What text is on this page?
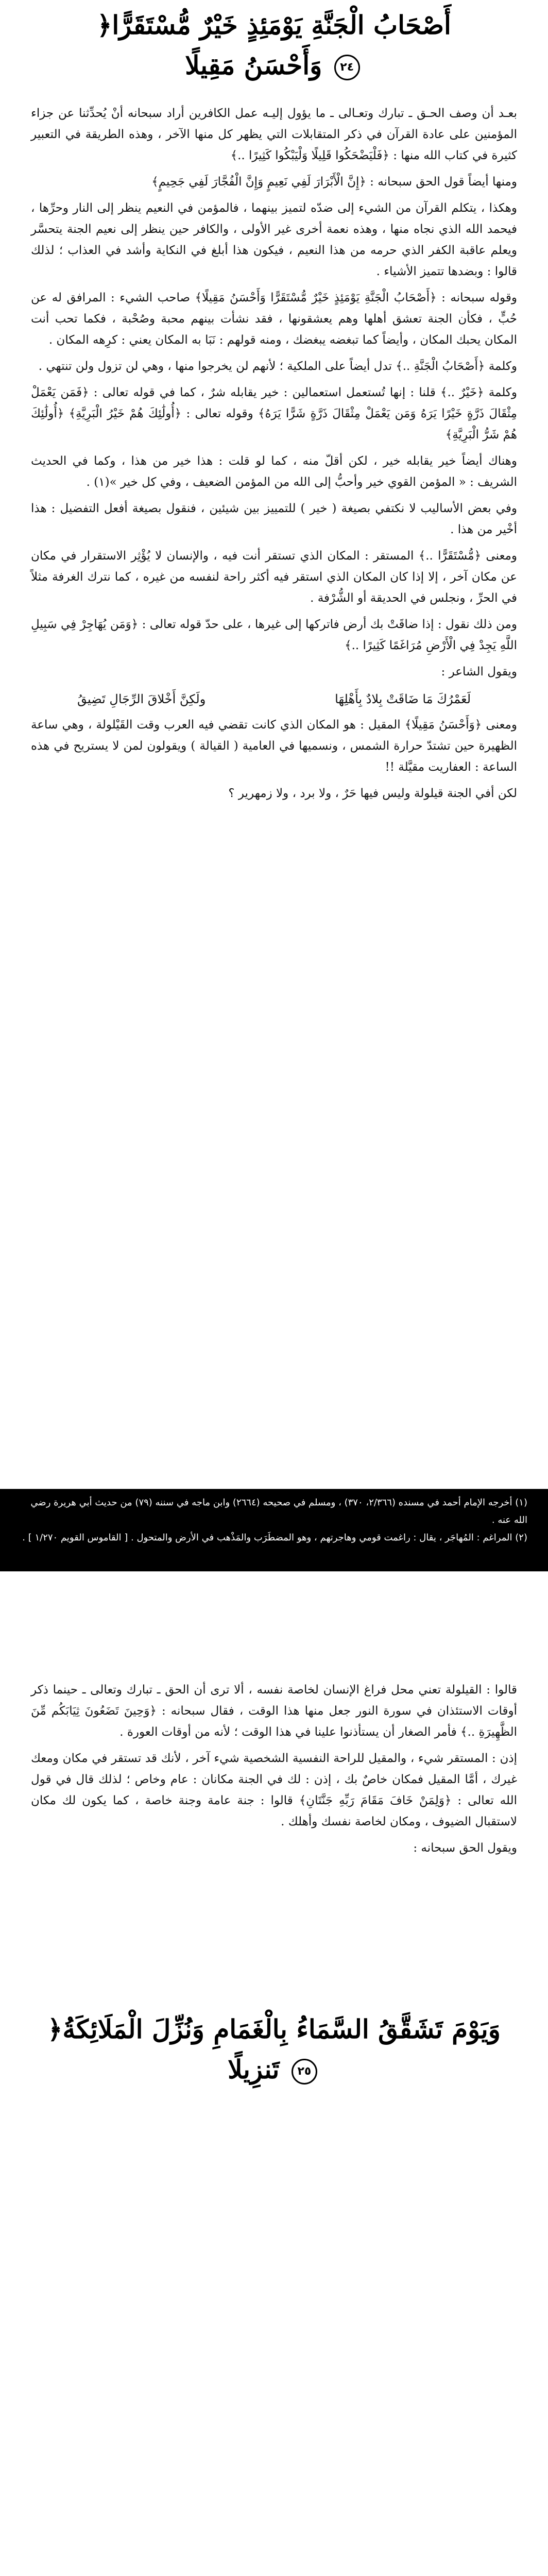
﴿أَصْحَابُ الْجَنَّةِ يَوْمَئِذٍ خَيْرٌ مُّسْتَقَرًّا
وَأَحْسَنُ مَقِيلًا ٢٤

بعـد أن وصف الحـق ـ تبارك وتعـالى ـ ما يؤول إليـه عمل الكافرين أراد سبحانه أنْ يُحدِّثنا عن جزاء المؤمنين على عادة القرآن في ذكر المتقابلات التي يظهر كل منها الآخر ، وهذه الطريقة في التعبير كثيرة في كتاب الله منها : ﴿فَلْيَضْحَكُوا قَلِيلًا وَلْيَبْكُوا كَثِيرًا ..﴾

ومنها أيضاً قول الحق سبحانه : ﴿إِنَّ الْأَبْرَارَ لَفِي نَعِيمٍ وَإِنَّ الْفُجَّارَ لَفِي جَحِيمٍ﴾

وهكذا ، يتكلم القرآن من الشيء إلى ضدّه لتميز بينهما ، فالمؤمن في النعيم ينظر إلى النار وحرِّها ، فيحمد الله الذي نجاه منها ، وهذه نعمة أخرى غير الأولى ، والكافر حين ينظر إلى نعيم الجنة يتحسَّر ويعلم عاقبة الكفر الذي حرمه من هذا النعيم ، فيكون هذا أبلغ في النكاية وأشد في العذاب ؛ لذلك قالوا : وبضدها تتميز الأشياء .

وقوله سبحانه : ﴿أَصْحَابُ الْجَنَّةِ يَوْمَئِذٍ خَيْرٌ مُّسْتَقَرًّا وَأَحْسَنُ مَقِيلًا﴾ صاحب الشيء : المرافق له عن حُبٍّ ، فكأن الجنة تعشق أهلها وهم يعشقونها ، فقد نشأت بينهم محبة وصُحْبة ، فكما تحب أنت المكان يحبك المكان ، وأيضاً كما تبغضه يبغضك ، ومنه قولهم : نَبَا به المكان يعني : كرِهه المكان .

وكلمة ﴿أَصْحَابُ الْجَنَّةِ ..﴾ تدل أيضاً على الملكية ؛ لأنهم لن يخرجوا منها ، وهي لن تزول ولن تنتهي .

وكلمة ﴿خَيْرٌ ..﴾ قلنا : إنها تُستعمل استعمالين : خير يقابله شرٌ ، كما في قوله تعالى : ﴿فَمَن يَعْمَلْ مِثْقَالَ ذَرَّةٍ خَيْرًا يَرَهُ وَمَن يَعْمَلْ مِثْقَالَ ذَرَّةٍ شَرًّا يَرَهُ﴾ وقوله تعالى : ﴿أُولَٰئِكَ هُمْ خَيْرُ الْبَرِيَّةِ﴾ ﴿أُولَٰئِكَ هُمْ شَرُّ الْبَرِيَّةِ﴾

وهناك أيضاً خير يقابله خير ، لكن أقلّ منه ، كما لو قلت : هذا خير من هذا ، وكما في الحديث الشريف : « المؤمن القوي خير وأحبُّ إلى الله من المؤمن الضعيف ، وفي كل خير »(١) .

وفي بعض الأساليب لا نكتفي بصيغة ( خير ) للتمييز بين شيئين ، فنقول بصيغة أفعل التفضيل : هذا أخْير من هذا .

ومعنى ﴿مُّسْتَقَرًّا ..﴾ المستقر : المكان الذي تستقر أنت فيه ، والإنسان لا يُؤْثِر الاستقرار في مكان عن مكان آخر ، إلا إذا كان المكان الذي استقر فيه أكثر راحة لنفسه من غيره ، كما نترك الغرفة مثلاً في الحرِّ ، ونجلس في الحديقة أو الشُّرْفة .

ومن ذلك نقول : إذا ضاقَتْ بك أرض فاتركها إلى غيرها ، على حدّ قوله تعالى : ﴿وَمَن يُهَاجِرْ فِي سَبِيلِ اللَّهِ يَجِدْ فِي الْأَرْضِ مُرَاغَمًا كَثِيرًا ..﴾

ويقول الشاعر :

لَعَمْرُكَ مَا ضَاقَتْ بِلادٌ بِأَهْلِهَا
ولَكِنَّ أَخْلاقَ الرِّجَالِ تَضِيقُ

ومعنى ﴿وَأَحْسَنُ مَقِيلًا﴾ المقيل : هو المكان الذي كانت تقضي فيه العرب وقت القَيْلولة ، وهي ساعة الظهيرة حين تشتدّ حرارة الشمس ، ونسميها في العامية ( القيالة ) ويقولون لمن لا يستريح في هذه الساعة : العفاريت مقيَّلة !!

لكن أفي الجنة قيلولة وليس فيها حَرٌ ، ولا برد ، ولا زمهرير ؟

(١) أخرجه الإمام أحمد في مسنده (٢/٣٦٦، ٣٧٠) ، ومسلم في صحيحه (٢٦٦٤) وابن ماجه في سننه (٧٩) من حديث أبي هريرة رضي الله عنه .
(٢) المراغم : المُهاجَر ، يقال : راغمت قومي وهاجرتهم ، وهو المضطَرَب والمَذْهب في الأرض والمتحول . [ القاموس القويم ١/٢٧٠ ] .

قالوا : القيلولة تعني محل فراغ الإنسان لخاصة نفسه ، ألا ترى أن الحق ـ تبارك وتعالى ـ حينما ذكر أوقات الاستئذان في سورة النور جعل منها هذا الوقت ، فقال سبحانه : ﴿وَحِينَ تَضَعُونَ ثِيَابَكُم مِّنَ الظَّهِيرَةِ ..﴾ فأمر الصغار أن يستأذنوا علينا في هذا الوقت ؛ لأنه من أوقات العورة .

إذن : المستقر شيء ، والمقيل للراحة النفسية الشخصية شيء آخر ، لأنك قد تستقر في مكان ومعك غيرك ، أمَّا المقيل فمكان خاصٌ بك ، إذن : لك في الجنة مكانان : عام وخاص ؛ لذلك قال في قول الله تعالى : ﴿وَلِمَنْ خَافَ مَقَامَ رَبِّهِ جَنَّتَانِ﴾ قالوا : جنة عامة وجنة خاصة ، كما يكون لك مكان لاستقبال الضيوف ، ومكان لخاصة نفسك وأهلك .

ويقول الحق سبحانه :

﴿وَيَوْمَ تَشَقَّقُ السَّمَاءُ بِالْغَمَامِ وَنُزِّلَ الْمَلَائِكَةُ
تَنزِيلًا ٢٥
